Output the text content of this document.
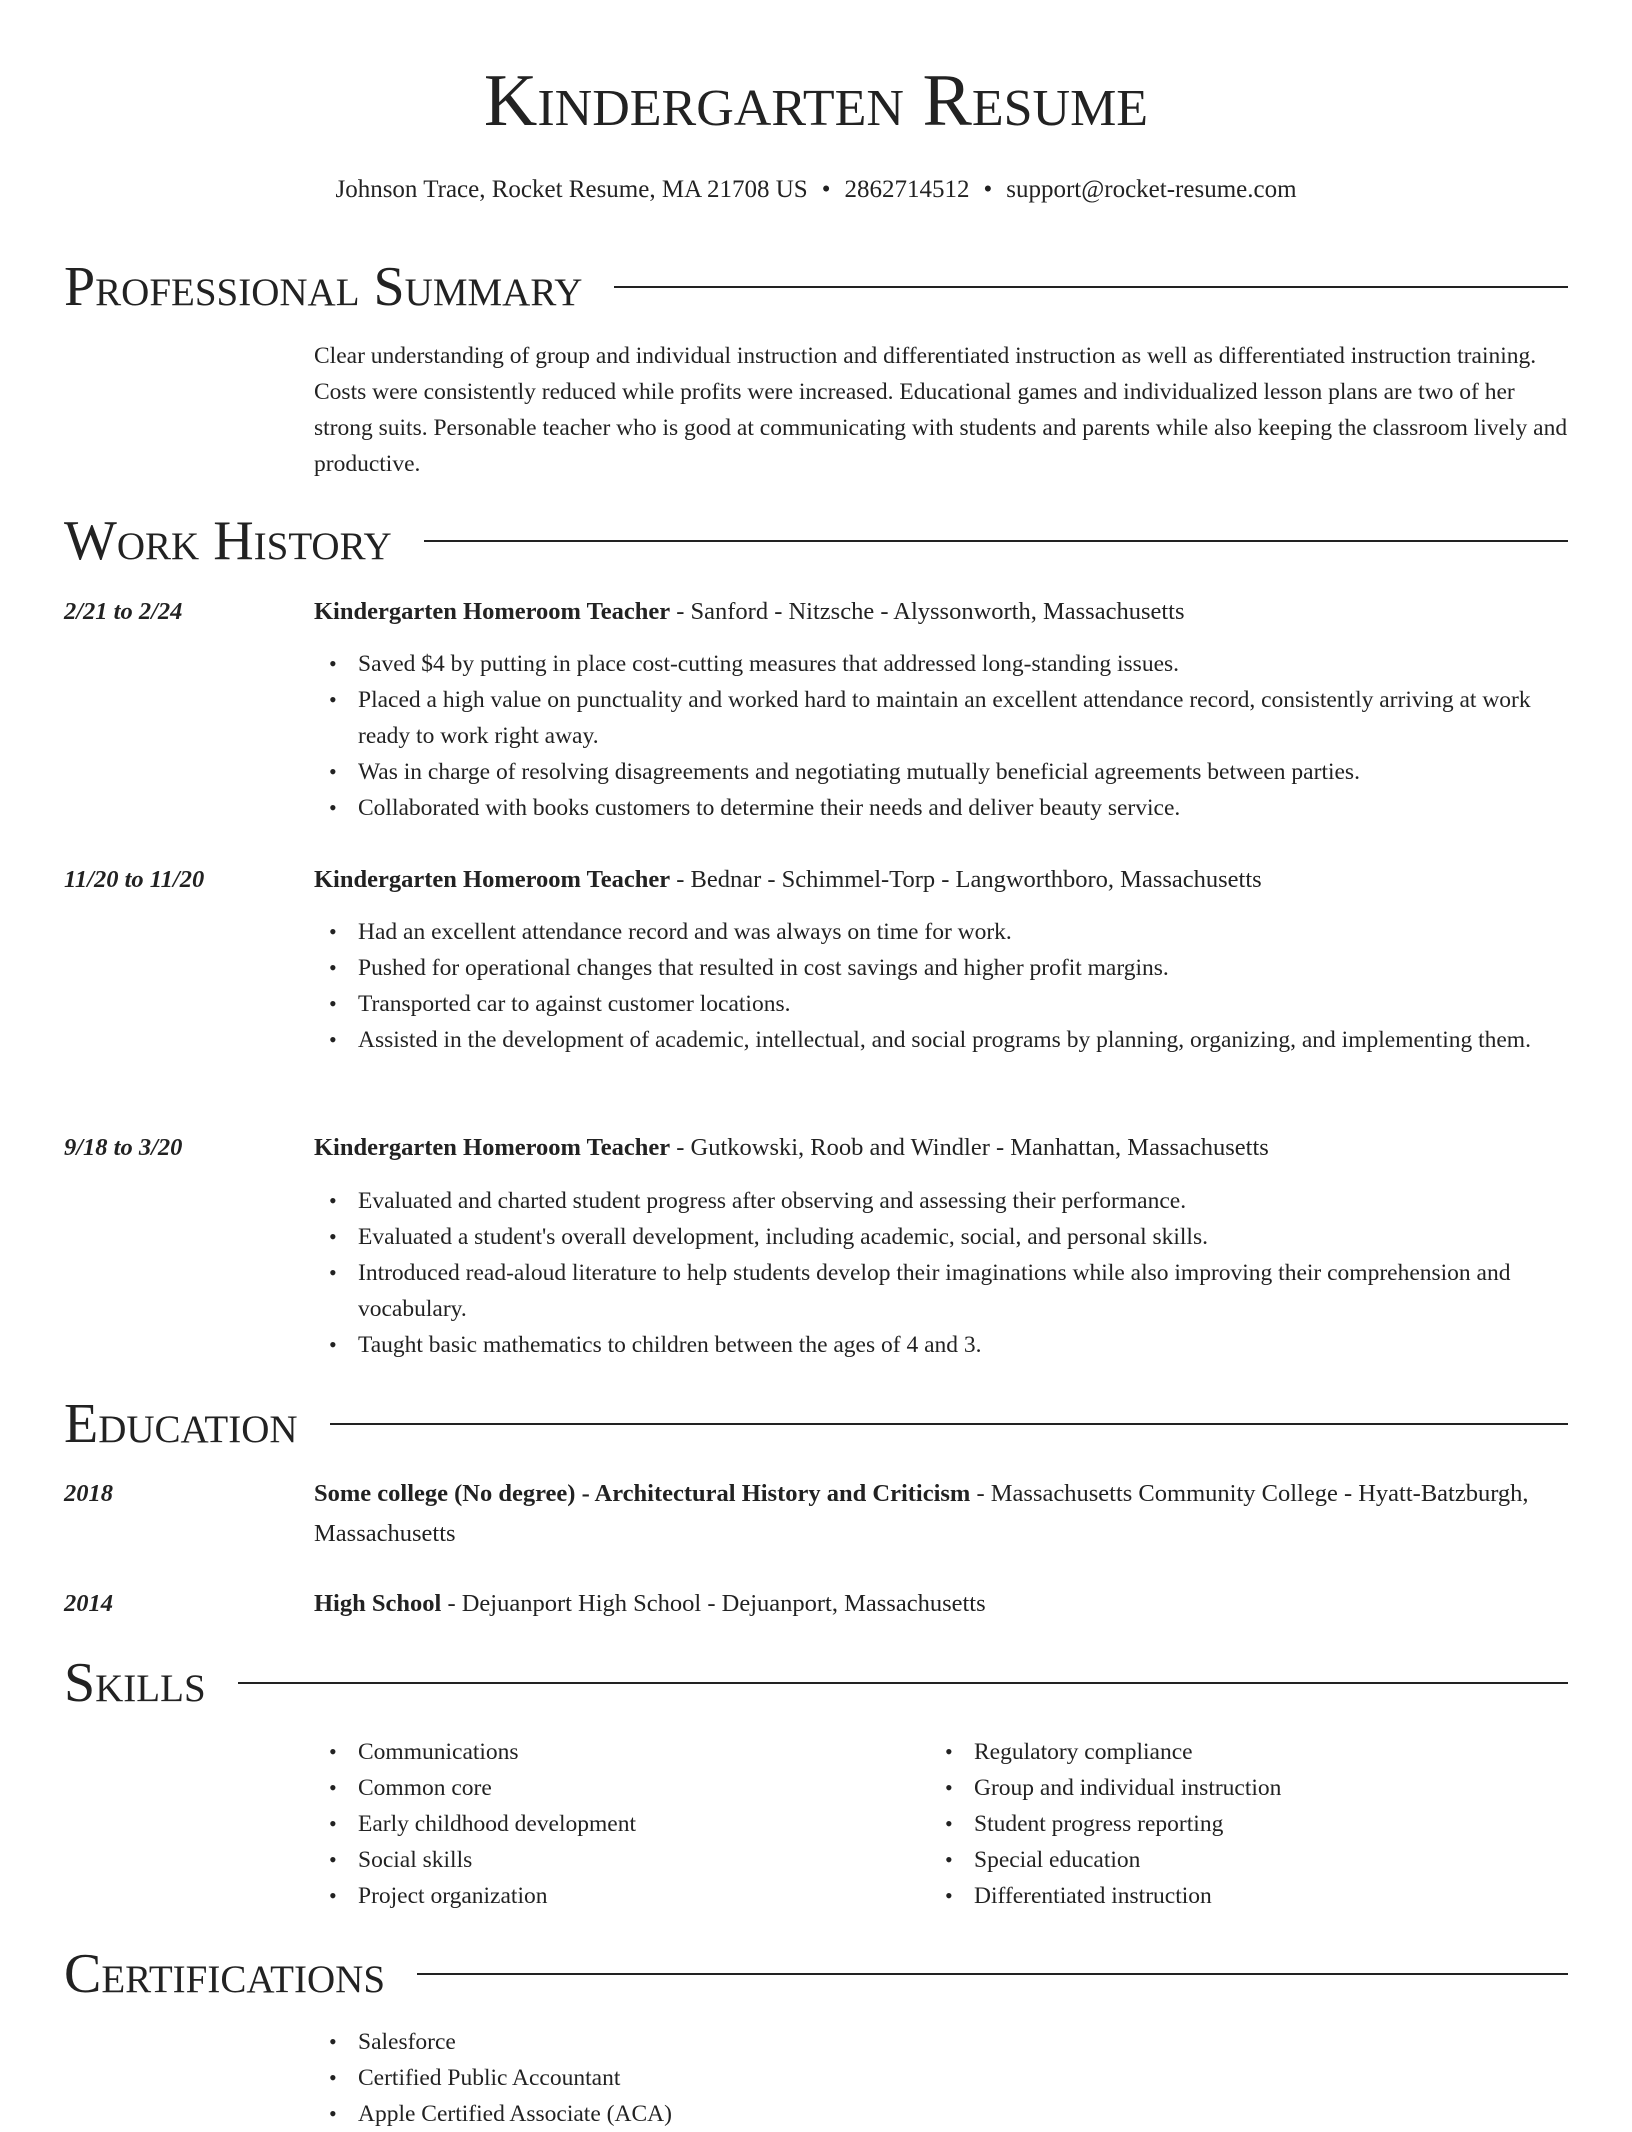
Kindergarten Resume
Johnson Trace, Rocket Resume, MA 21708 US • 2862714512 • support@rocket-resume.com
Professional Summary
Clear understanding of group and individual instruction and differentiated instruction as well as differentiated instruction training. Costs were consistently reduced while profits were increased. Educational games and individualized lesson plans are two of her strong suits. Personable teacher who is good at communicating with students and parents while also keeping the classroom lively and productive.
Work History
2/21 to 2/24	Kindergarten Homeroom Teacher - Sanford - Nitzsche - Alyssonworth, Massachusetts
• Saved $4 by putting in place cost-cutting measures that addressed long-standing issues.
• Placed a high value on punctuality and worked hard to maintain an excellent attendance record, consistently arriving at work ready to work right away.
• Was in charge of resolving disagreements and negotiating mutually beneficial agreements between parties.
• Collaborated with books customers to determine their needs and deliver beauty service.
11/20 to 11/20	Kindergarten Homeroom Teacher - Bednar - Schimmel-Torp - Langworthboro, Massachusetts
• Had an excellent attendance record and was always on time for work.
• Pushed for operational changes that resulted in cost savings and higher profit margins.
• Transported car to against customer locations.
• Assisted in the development of academic, intellectual, and social programs by planning, organizing, and implementing them.
9/18 to 3/20	Kindergarten Homeroom Teacher - Gutkowski, Roob and Windler - Manhattan, Massachusetts
• Evaluated and charted student progress after observing and assessing their performance.
• Evaluated a student's overall development, including academic, social, and personal skills.
• Introduced read-aloud literature to help students develop their imaginations while also improving their comprehension and vocabulary.
• Taught basic mathematics to children between the ages of 4 and 3.
Education
2018	Some college (No degree) - Architectural History and Criticism - Massachusetts Community College - Hyatt-Batzburgh, Massachusetts
2014	High School - Dejuanport High School - Dejuanport, Massachusetts
Skills
• Communications
• Common core
• Early childhood development
• Social skills
• Project organization
• Regulatory compliance
• Group and individual instruction
• Student progress reporting
• Special education
• Differentiated instruction
Certifications
• Salesforce
• Certified Public Accountant
• Apple Certified Associate (ACA)
